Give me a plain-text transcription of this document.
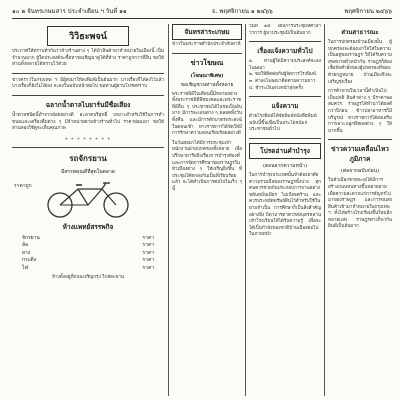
๑๐ ๒ จันทรเกษมสาร ประจำเดือน ฯ วันที่ ๑๑	ธ. พฤศจิกายน ๑ ๒๔๖๖	พฤศจิกายน ๒๔๖๖
วิวิธะพจน์

ประกาศให้ทราบทั่วกันว่าห้างร้านต่าง ๆ ได้นำสินค้ามาจำหน่ายในเมืองนี้ เป็นจำนวนมาก ผู้ใดประสงค์จะซื้อหาขอเชิญมาดูได้ที่ห้าง ราคาถูกกว่าที่อื่น ขอให้ท่านทั้งหลายได้ทราบไว้ด้วย

ข่าวคราวในกรุงเทพ ฯ มีผู้ส่งมาให้ลงพิมพ์เป็นอันมาก บางเรื่องก็ได้ลงไว้แล้ว บางเรื่องก็ยังไม่ได้ลง จะลงในฉบับหน้าต่อไป ขอท่านผู้อ่านโปรดทราบ

ฉลากน้ำตาลไบยาร์นมีชื่อเสียง

น้ำตาลชนิดนี้ทำจากอ้อยอย่างดี สะอาดบริสุทธิ์ เหมาะสำหรับใช้ในการทำขนมและเครื่องดื่มต่าง ๆ มีจำหน่ายตามห้างร้านทั่วไป ราคาย่อมเยา ขอให้ท่านลองใช้ดูจะเห็นคุณภาพ

* * * * * * * *
รถจักรยาน
มีสรรพคุณดีที่สุดในตลาด
ราคาถูก
ห้างแพทย์สรรพกิจ
จักรยาน	ราคา
ล้อ	ราคา
ยาง	ราคา
กระดิ่ง	ราคา
ไฟ	ราคา

ห้างตั้งอยู่ที่ถนนเจริญกรุง ใกล้สะพาน

จันทรสาระเกษม

ข่าวในพระราชสำนักประจำสัปดาห์

ข่าวโฆษณ
(โฆษณาพิเศษ)
ขอเชิญชวนท่านทั้งหลาย

พระราชพิธีในเดือนนี้มีหลายอย่าง ทั้งพระราชพิธีพืชมงคลและพระราชพิธีอื่น ๆ ประชาชนได้ไปชมเป็นอันมาก มีการละเล่นต่าง ๆ ตลอดทั้งวันทั้งคืน และมีการตักบาตรพระสงฆ์ในตอนเช้า ทางราชการได้จัดให้มีการรักษาความสงบเรียบร้อยอย่างดี

ในวันต่อมาได้มีการประชุมเจ้าพนักงานฝ่ายปกครองทั้งหลาย เพื่อปรึกษาหารือถึงเรื่องการบำรุงท้องที่ และการจัดการศึกษาของราษฎรในหัวเมืองต่าง ๆ ให้เจริญยิ่งขึ้น ที่ประชุมได้ตกลงกันเป็นที่เรียบร้อยแล้ว จะได้ดำเนินการต่อไปในเร็ว ๆ นี้

วันที่ ๑๕ ได้มีการประชุมที่ศาลาว่าการ ผู้มาประชุมมีเป็นอันมาก

เรื่องแจ้งความทั่วไป

๑. ท่านผู้ใดมีความประสงค์จะลงโฆษณา

๒. ขอให้ติดต่อกับผู้จัดการโรงพิมพ์

๓. ค่าลงโฆษณาคิดตามความยาว

๔. ชำระเงินล่วงหน้าทุกครั้ง

แจ้งความ

ด้วยโรงพิมพ์ได้จัดพิมพ์หนังสือพิมพ์ฉบับนี้ขึ้นเพื่อเป็นประโยชน์แก่ประชาชนทั่วไป

โปรดอ่านคำบำรุง
(ตอนจากความหน้า)

ในการบำรุงประเทศนั้นจำต้องอาศัยความร่วมมือของราษฎรทั้งปวง ทุกคนควรช่วยกันประกอบการงานอย่างขยันหมั่นเพียร ไม่เกียจคร้าน และควรประหยัดทรัพย์สินไว้สำหรับใช้ในยามจำเป็น การศึกษาก็เป็นสิ่งสำคัญอย่างยิ่ง บิดามารดาควรส่งบุตรหลานเข้าโรงเรียนให้ได้รับความรู้ เพื่อจะได้เป็นกำลังของชาติบ้านเมืองต่อไปในภายหน้า

ส่วนสาธารณะ

ในการปกครองบ้านเมืองนั้น ผู้ปกครองจะต้องเอาใจใส่ในความเป็นอยู่ของราษฎร ให้ได้รับความสุขสบายทั่วหน้ากัน ราษฎรก็ต้องเชื่อฟังคำสั่งของผู้ปกครองที่ชอบด้วยกฎหมาย บ้านเมืองจึงจะเจริญรุ่งเรือง

การค้าขายในเวลานี้ดำเนินไปเป็นปกติ สินค้าต่าง ๆ มีราคาพอสมควร ราษฎรได้ทำนาได้ผลดีกว่าปีก่อน ข้าวปลาอาหารก็มีบริบูรณ์ ทางราชการได้ส่งเสริมการเพาะปลูกพืชผลต่าง ๆ ให้มากขึ้น

ข่าวความเคลื่อนไหวภูมิภาค
(ต่อจากฉบับก่อน)

ในหัวเมืองชายทะเลได้มีการสร้างถนนหนทางขึ้นหลายสาย เพื่อความสะดวกแก่การสัญจรไปมาของราษฎร และการขนส่งสินค้าเข้ามาจำหน่ายในกรุงเทพ ฯ ทั้งได้สร้างโรงเรียนขึ้นใหม่อีกหลายแห่ง ราษฎรต่างก็พากันยินดีเป็นอันมาก
